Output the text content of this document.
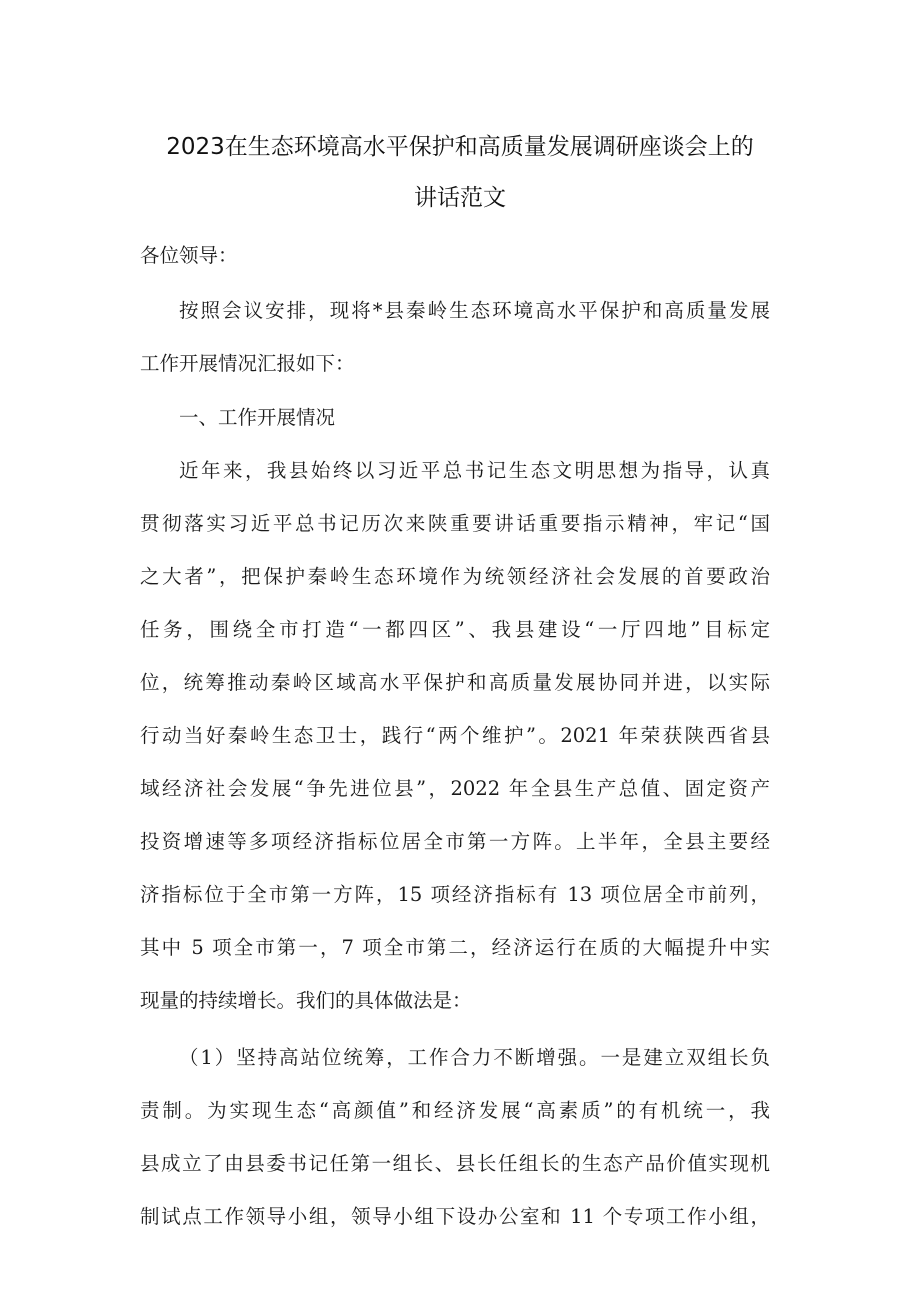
2023在生态环境高水平保护和高质量发展调研座谈会上的
讲话范文
各位领导：
按照会议安排，现将*县秦岭生态环境高水平保护和高质量发展
工作开展情况汇报如下：
一、工作开展情况
近年来，我县始终以习近平总书记生态文明思想为指导，认真
贯彻落实习近平总书记历次来陕重要讲话重要指示精神，牢记“国
之大者”，把保护秦岭生态环境作为统领经济社会发展的首要政治
任务，围绕全市打造“一都四区”、我县建设“一厅四地”目标定
位，统筹推动秦岭区域高水平保护和高质量发展协同并进，以实际
行动当好秦岭生态卫士，践行“两个维护”。2021 年荣获陕西省县
域经济社会发展“争先进位县”，2022 年全县生产总值、固定资产
投资增速等多项经济指标位居全市第一方阵。上半年，全县主要经
济指标位于全市第一方阵，15 项经济指标有 13 项位居全市前列，
其中 5 项全市第一，7 项全市第二，经济运行在质的大幅提升中实
现量的持续增长。我们的具体做法是：
（1）坚持高站位统筹，工作合力不断增强。一是建立双组长负
责制。为实现生态“高颜值”和经济发展“高素质”的有机统一，我
县成立了由县委书记任第一组长、县长任组长的生态产品价值实现机
制试点工作领导小组，领导小组下设办公室和 11 个专项工作小组，
